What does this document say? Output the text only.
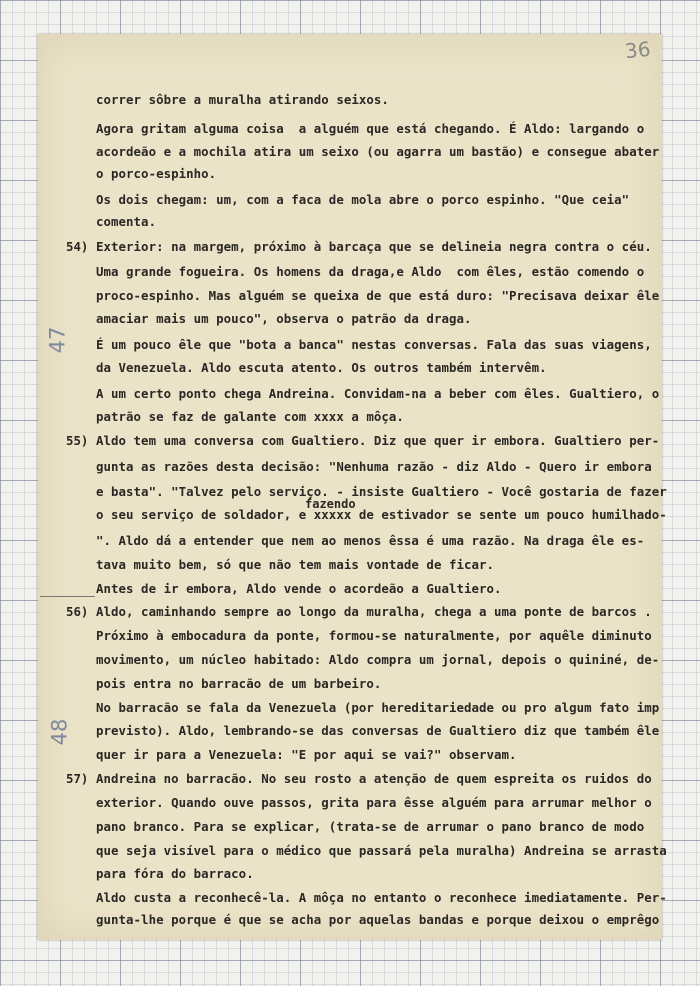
36
47
48
54)
55)
56)
57)
fazendo

correr sôbre a muralha atirando seixos.

Agora gritam alguma coisa  a alguém que está chegando. É Aldo: largando o

acordeão e a mochila atira um seixo (ou agarra um bastão) e consegue abater

o porco-espinho.

Os dois chegam: um, com a faca de mola abre o porco espinho. "Que ceia"

comenta.

Exterior: na margem, próximo à barcaça que se delineia negra contra o céu.

Uma grande fogueira. Os homens da draga,e Aldo  com êles, estão comendo o

proco-espinho. Mas alguém se queixa de que está duro: "Precisava deixar êle

amaciar mais um pouco", observa o patrão da draga.

É um pouco êle que "bota a banca" nestas conversas. Fala das suas viagens,

da Venezuela. Aldo escuta atento. Os outros também intervêm.

A um certo ponto chega Andreina. Convidam-na a beber com êles. Gualtiero, o

patrão se faz de galante com xxxx a môça.

Aldo tem uma conversa com Gualtiero. Diz que quer ir embora. Gualtiero per-

gunta as razões desta decisão: "Nenhuma razão - diz Aldo - Quero ir embora

e basta". "Talvez pelo serviço. - insiste Gualtiero - Você gostaria de fazer

o seu serviço de soldador, e xxxxx de estivador se sente um pouco humilhado-

". Aldo dá a entender que nem ao menos êssa é uma razão. Na draga êle es-

tava muito bem, só que não tem mais vontade de ficar.

Antes de ir embora, Aldo vende o acordeão a Gualtiero.

Aldo, caminhando sempre ao longo da muralha, chega a uma ponte de barcos .

Próximo à embocadura da ponte, formou-se naturalmente, por aquêle diminuto

movimento, um núcleo habitado: Aldo compra um jornal, depois o quininé, de-

pois entra no barracão de um barbeiro.

No barracão se fala da Venezuela (por hereditariedade ou pro algum fato imp

previsto). Aldo, lembrando-se das conversas de Gualtiero diz que também êle

quer ir para a Venezuela: "E por aqui se vai?" observam.

Andreina no barracão. No seu rosto a atenção de quem espreita os ruidos do

exterior. Quando ouve passos, grita para êsse alguém para arrumar melhor o

pano branco. Para se explicar, (trata-se de arrumar o pano branco de modo

que seja visível para o médico que passará pela muralha) Andreina se arrasta

para fóra do barraco.

Aldo custa a reconhecê-la. A môça no entanto o reconhece imediatamente. Per-

gunta-lhe porque é que se acha por aquelas bandas e porque deixou o emprêgo
